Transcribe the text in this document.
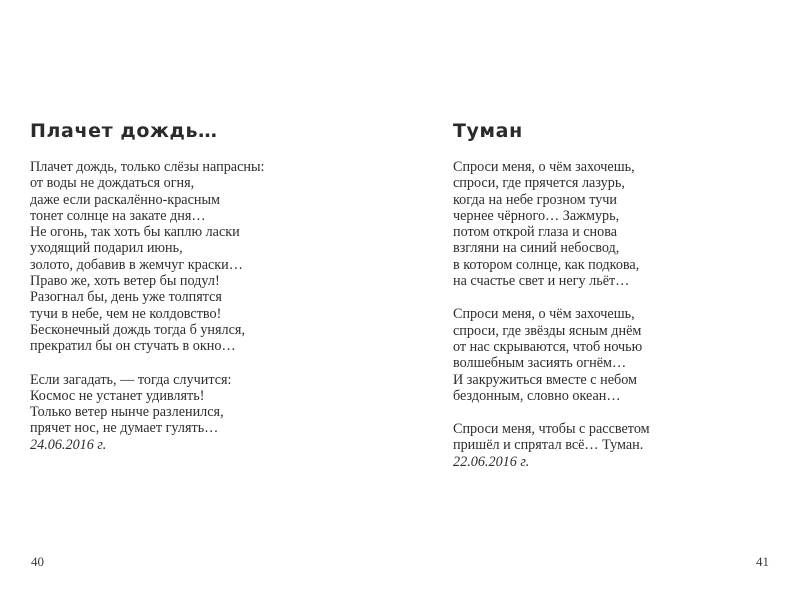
Плачет дождь…
Плачет дождь, только слёзы напрасны:
от воды не дождаться огня,
даже если раскалённо-красным
тонет солнце на закате дня…
Не огонь, так хоть бы каплю ласки
уходящий подарил июнь,
золото, добавив в жемчуг краски…
Право же, хоть ветер бы подул!
Разогнал бы, день уже толпятся
тучи в небе, чем не колдовство!
Бесконечный дождь тогда б унялся,
прекратил бы он стучать в окно…
Если загадать, — тогда случится:
Космос не устанет удивлять!
Только ветер нынче разленился,
прячет нос, не думает гулять…
24.06.2016 г.
40
Туман
Спроси меня, о чём захочешь,
спроси, где прячется лазурь,
когда на небе грозном тучи
чернее чёрного… Зажмурь,
потом открой глаза и снова
взгляни на синий небосвод,
в котором солнце, как подкова,
на счастье свет и негу льёт…
Спроси меня, о чём захочешь,
спроси, где звёзды ясным днём
от нас скрываются, чтоб ночью
волшебным засиять огнём…
И закружиться вместе с небом
бездонным, словно океан…
Спроси меня, чтобы с рассветом
пришёл и спрятал всё… Туман.
22.06.2016 г.
41
